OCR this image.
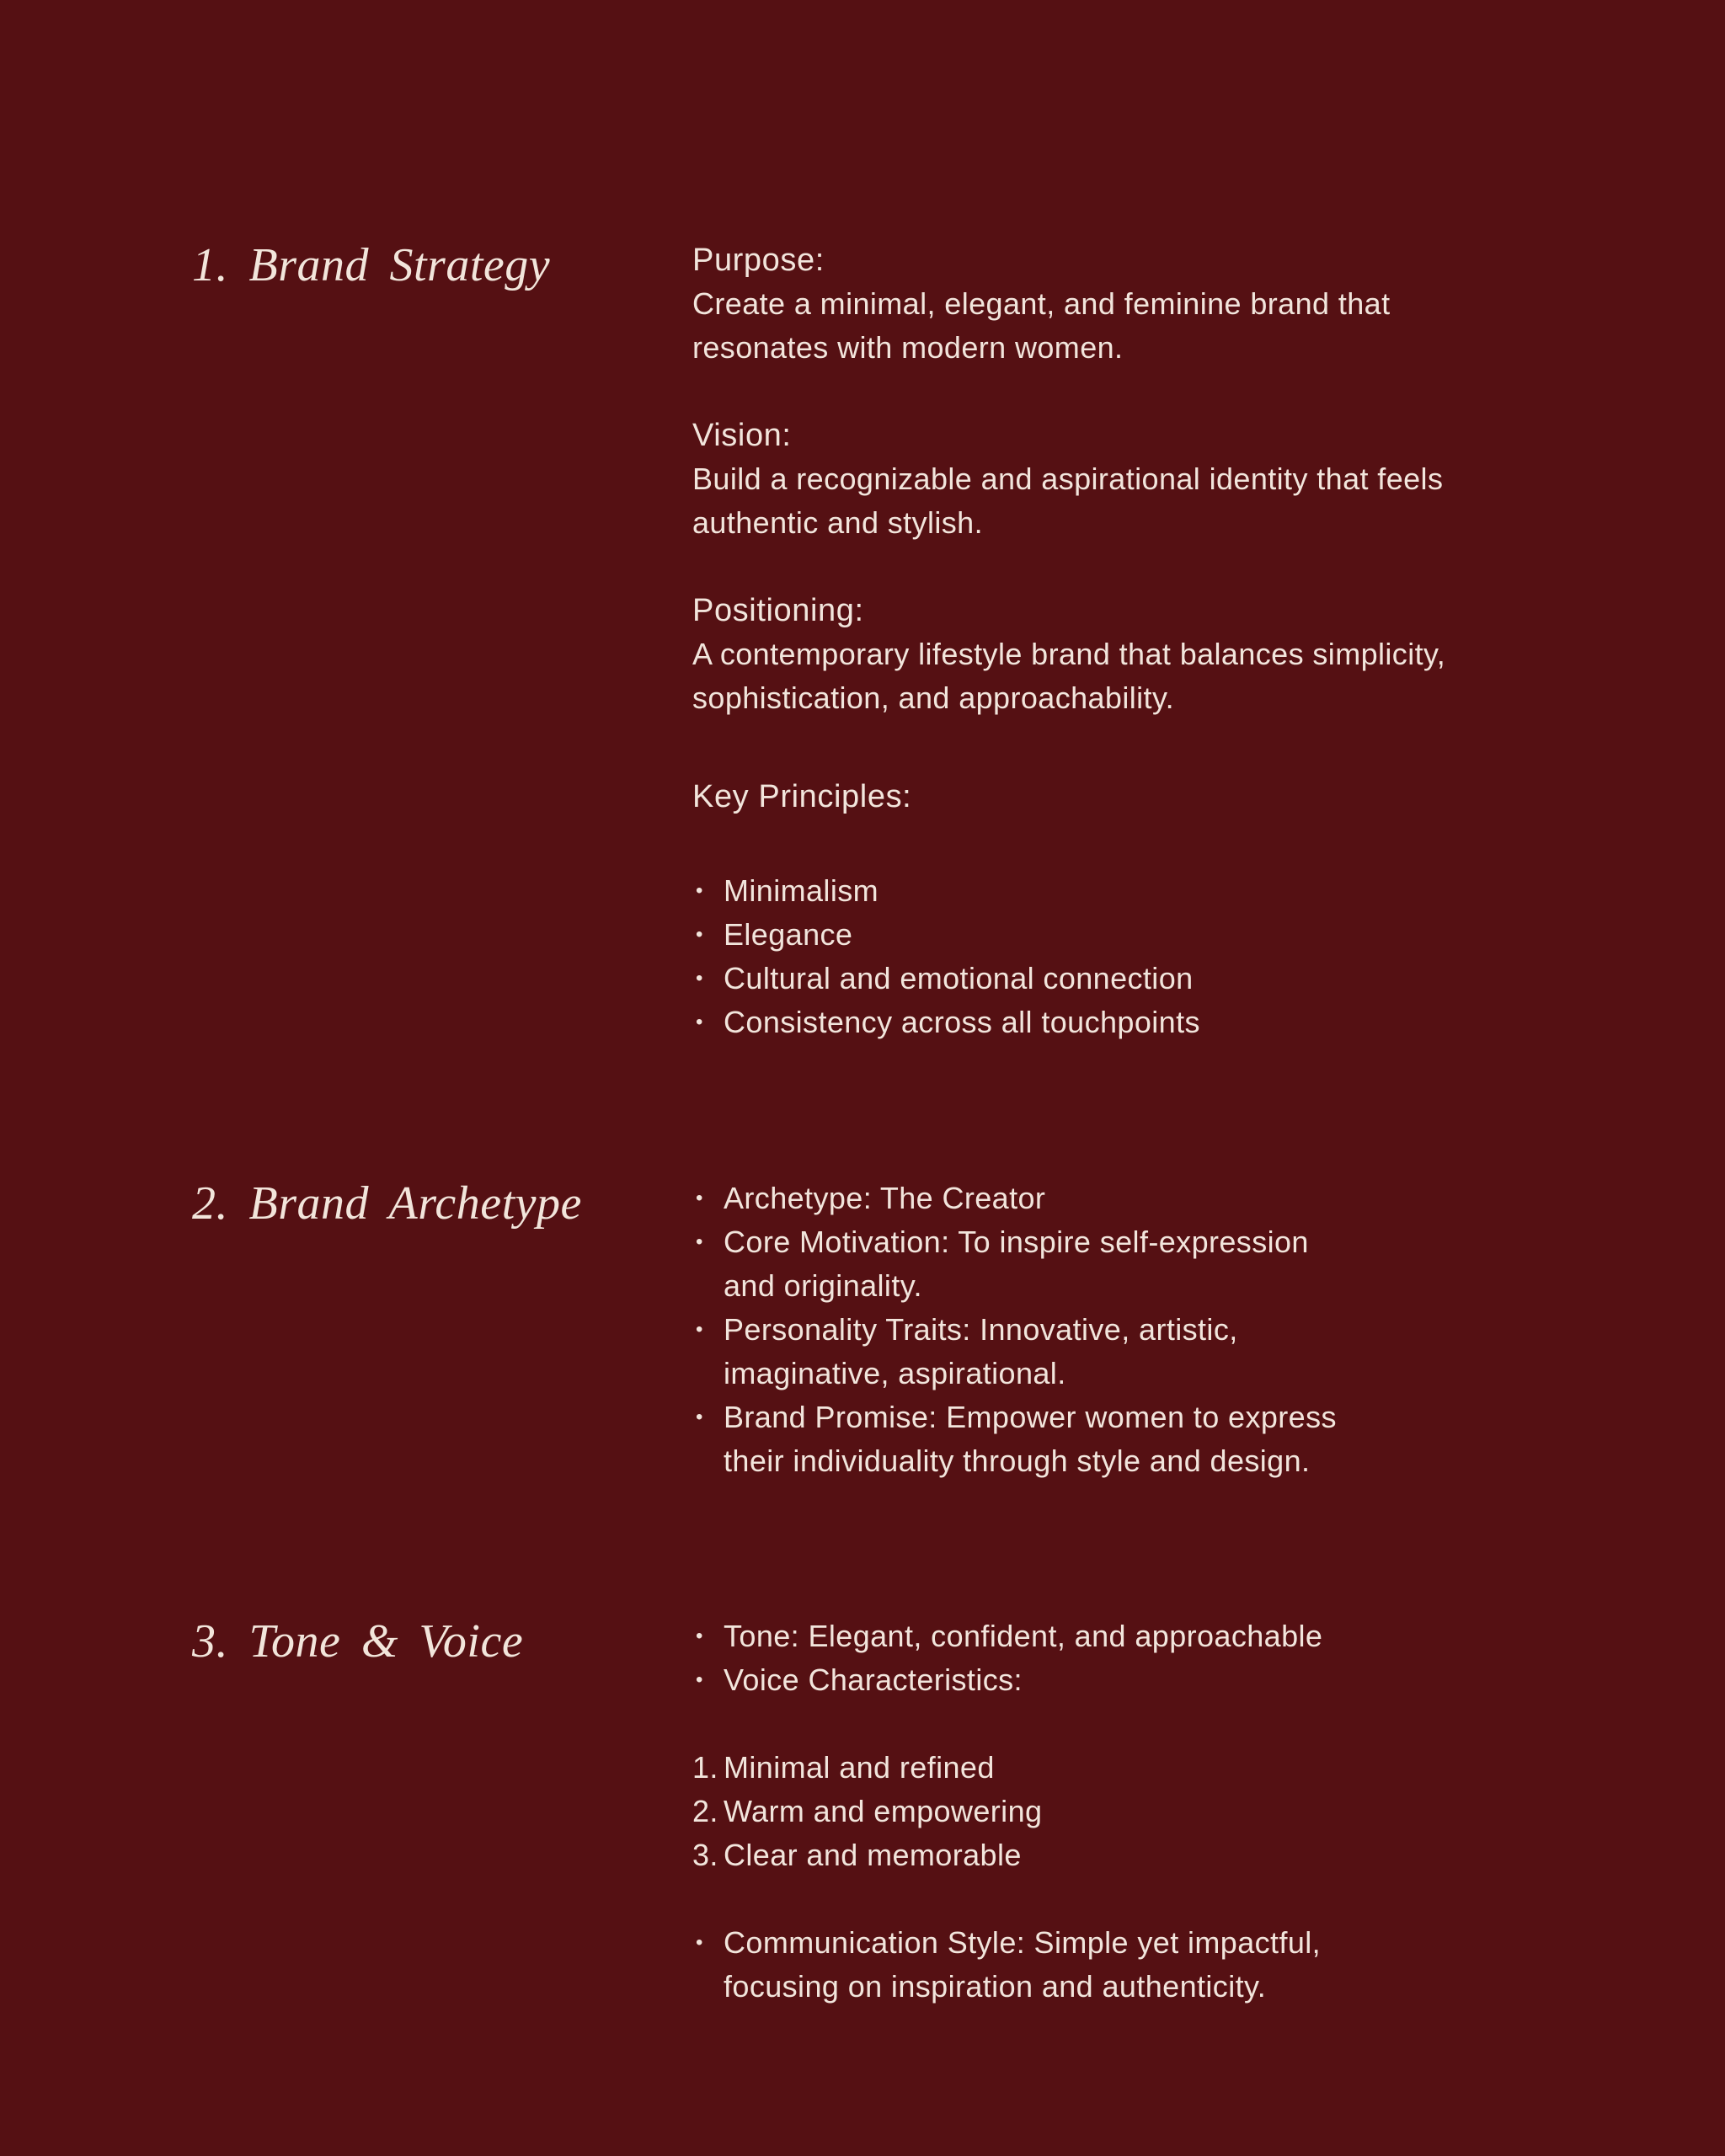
1. Brand Strategy	Purpose:
Create a minimal, elegant, and feminine brand that
resonates with modern women.
Vision:
Build a recognizable and aspirational identity that feels
authentic and stylish.
Positioning:
A contemporary lifestyle brand that balances simplicity,
sophistication, and approachability.
Key Principles:
• Minimalism
• Elegance
• Cultural and emotional connection
• Consistency across all touchpoints
2. Brand Archetype	• Archetype: The Creator
• Core Motivation: To inspire self-expression
and originality.
• Personality Traits: Innovative, artistic,
imaginative, aspirational.
• Brand Promise: Empower women to express
their individuality through style and design.
3. Tone & Voice	• Tone: Elegant, confident, and approachable
• Voice Characteristics:
1. Minimal and refined
2. Warm and empowering
3. Clear and memorable
• Communication Style: Simple yet impactful,
focusing on inspiration and authenticity.
